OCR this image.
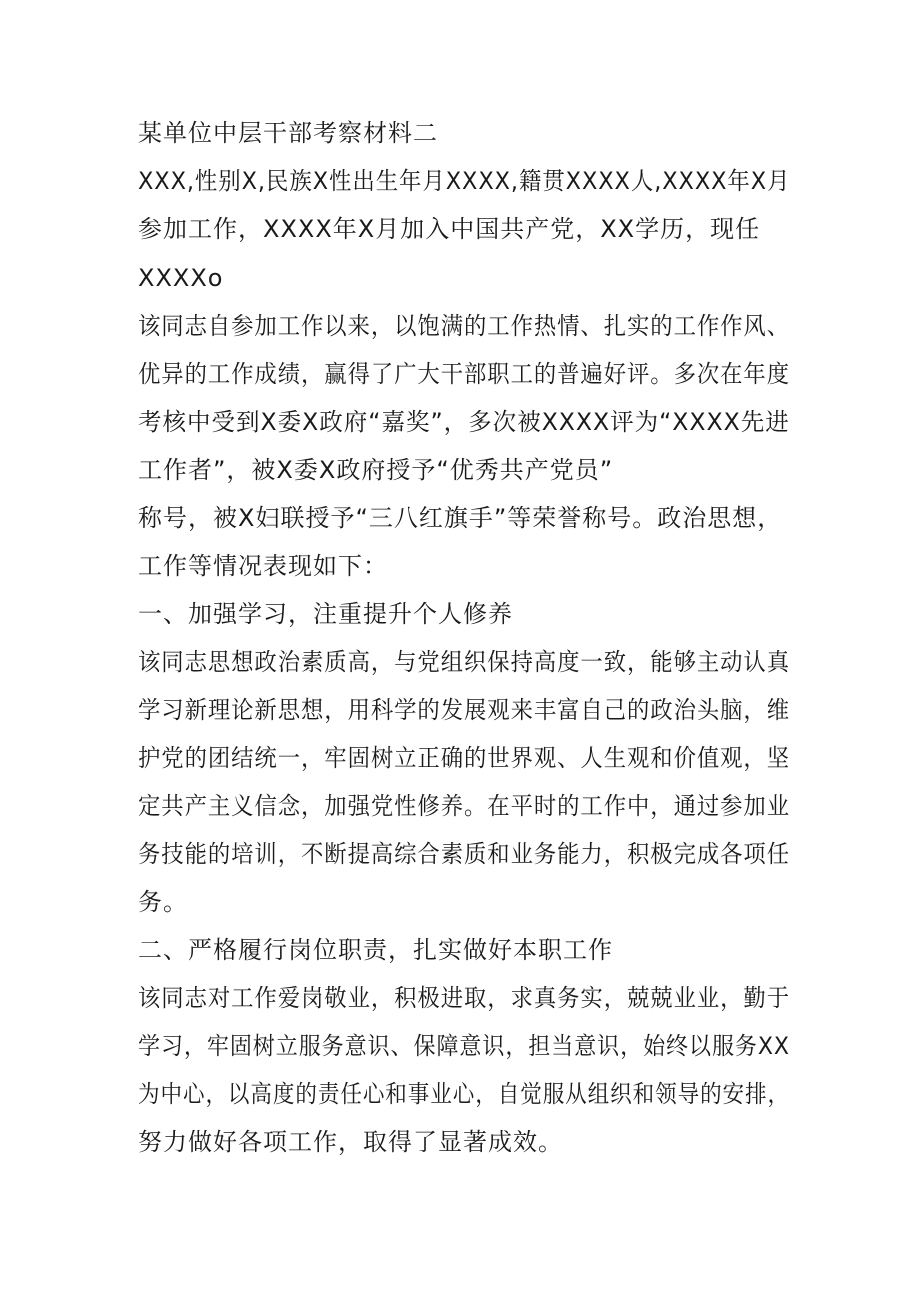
某单位中层干部考察材料二
XXX,性别X,民族X性出生年月XXXX,籍贯XXXX人,XXXX年X月
参加工作，XXXX年X月加入中国共产党，XX学历，现任
XXXXo
该同志自参加工作以来，以饱满的工作热情、扎实的工作作风、
优异的工作成绩，赢得了广大干部职工的普遍好评。多次在年度
考核中受到X委X政府“嘉奖”，多次被XXXX评为“XXXX先进
工作者”，被X委X政府授予“优秀共产党员”
称号，被X妇联授予“三八红旗手”等荣誉称号。政治思想，
工作等情况表现如下：
一、加强学习，注重提升个人修养
该同志思想政治素质高，与党组织保持高度一致，能够主动认真
学习新理论新思想，用科学的发展观来丰富自己的政治头脑，维
护党的团结统一，牢固树立正确的世界观、人生观和价值观，坚
定共产主义信念，加强党性修养。在平时的工作中，通过参加业
务技能的培训，不断提高综合素质和业务能力，积极完成各项任
务。
二、严格履行岗位职责，扎实做好本职工作
该同志对工作爱岗敬业，积极进取，求真务实，兢兢业业，勤于
学习，牢固树立服务意识、保障意识，担当意识，始终以服务XX
为中心，以高度的责任心和事业心，自觉服从组织和领导的安排，
努力做好各项工作，取得了显著成效。
